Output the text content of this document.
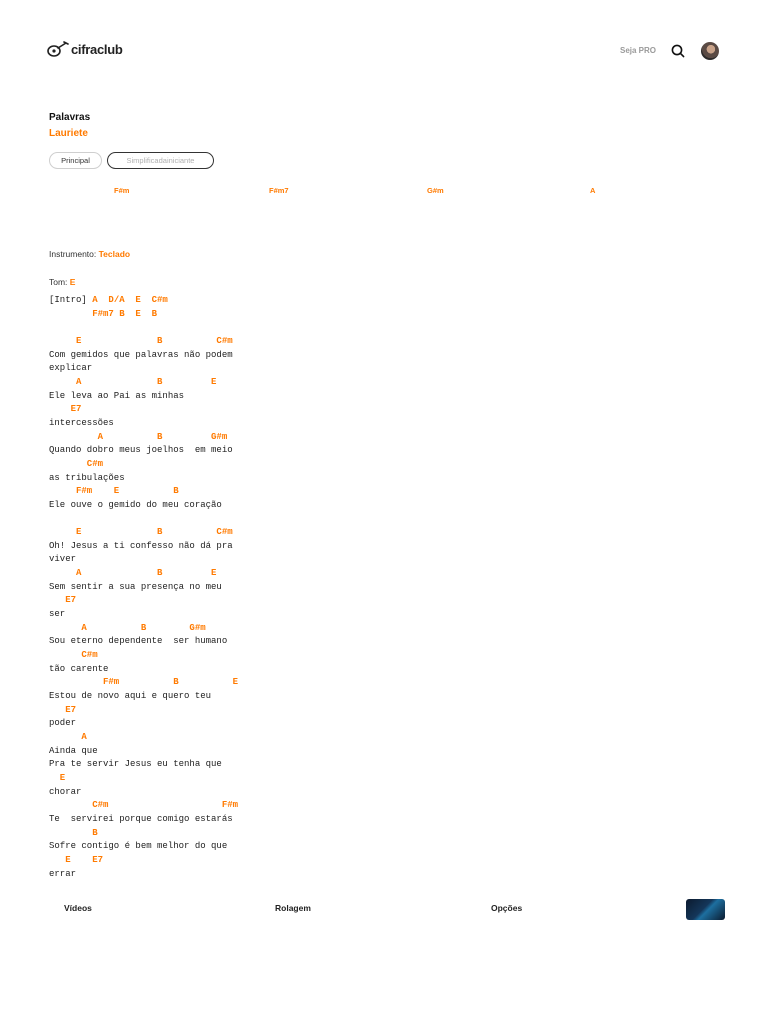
cifraclub	Seja PRO
Palavras
Lauriete
Principal	Simplificadainiciante
F#m	F#m7	G#m	A
Instrumento: Teclado
Tom: E
[Intro] A  D/A  E  C#m
F#m7 B  E  B
E              B          C#m
Com gemidos que palavras não podem
explicar
A              B         E
Ele leva ao Pai as minhas
E7
intercessões
A          B         G#m
Quando dobro meus joelhos  em meio
C#m
as tribulações
F#m    E          B
Ele ouve o gemido do meu coração
E              B          C#m
Oh! Jesus a ti confesso não dá pra
viver
A              B         E
Sem sentir a sua presença no meu
E7
ser
A          B        G#m
Sou eterno dependente  ser humano
C#m
tão carente
F#m          B          E
Estou de novo aqui e quero teu
E7
poder
A
Ainda que
Pra te servir Jesus eu tenha que
E
chorar
C#m                     F#m
Te  servirei porque comigo estarás
B
Sofre contigo é bem melhor do que
E    E7
errar
Vídeos	Rolagem	Opções
